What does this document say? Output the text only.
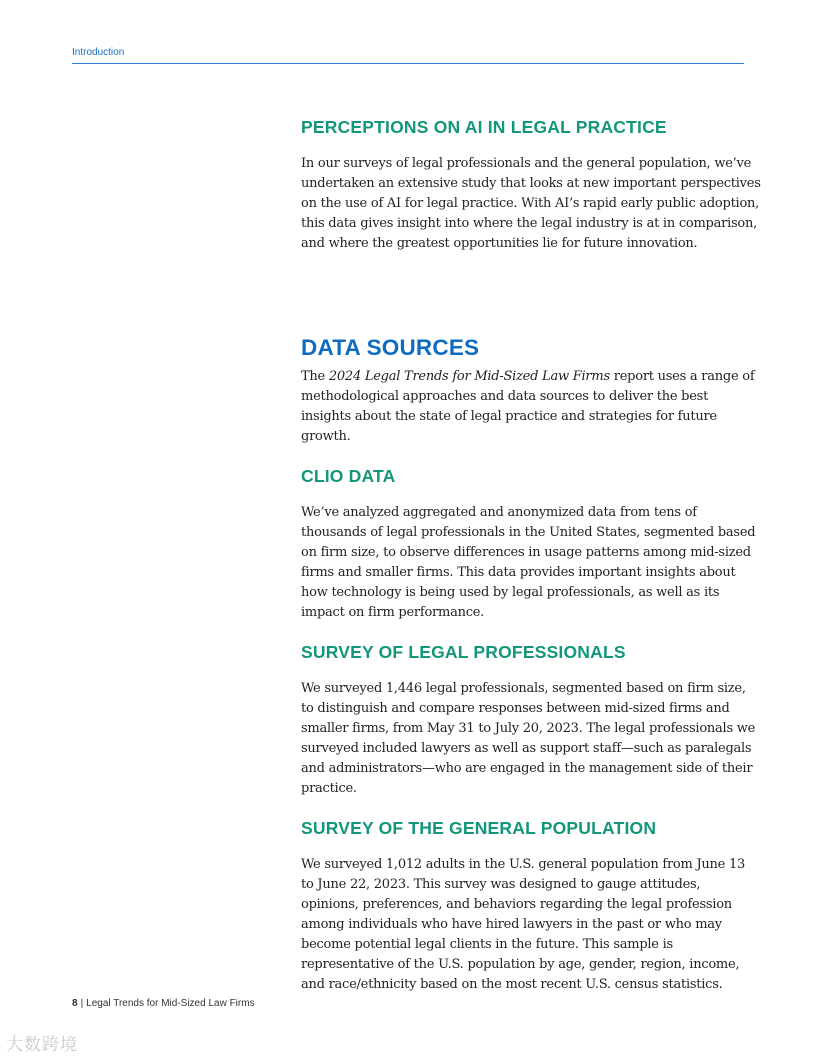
Introduction
PERCEPTIONS ON AI IN LEGAL PRACTICE

In our surveys of legal professionals and the general population, we’ve undertaken an extensive study that looks at new important perspectives on the use of AI for legal practice. With AI’s rapid early public adoption, this data gives insight into where the legal industry is at in comparison, and where the greatest opportunities lie for future innovation.

DATA SOURCES

The 2024 Legal Trends for Mid-Sized Law Firms report uses a range of methodological approaches and data sources to deliver the best insights about the state of legal practice and strategies for future growth.

CLIO DATA

We’ve analyzed aggregated and anonymized data from tens of thousands of legal professionals in the United States, segmented based on firm size, to observe differences in usage patterns among mid-sized firms and smaller firms. This data provides important insights about how technology is being used by legal professionals, as well as its impact on firm performance.

SURVEY OF LEGAL PROFESSIONALS

We surveyed 1,446 legal professionals, segmented based on firm size, to distinguish and compare responses between mid-sized firms and smaller firms, from May 31 to July 20, 2023. The legal professionals we surveyed included lawyers as well as support staff—such as paralegals and administrators—who are engaged in the management side of their practice.

SURVEY OF THE GENERAL POPULATION

We surveyed 1,012 adults in the U.S. general population from June 13 to June 22, 2023. This survey was designed to gauge attitudes, opinions, preferences, and behaviors regarding the legal profession among individuals who have hired lawyers in the past or who may become potential legal clients in the future. This sample is representative of the U.S. population by age, gender, region, income, and race/ethnicity based on the most recent U.S. census statistics.

8 | Legal Trends for Mid-Sized Law Firms
大数跨境
